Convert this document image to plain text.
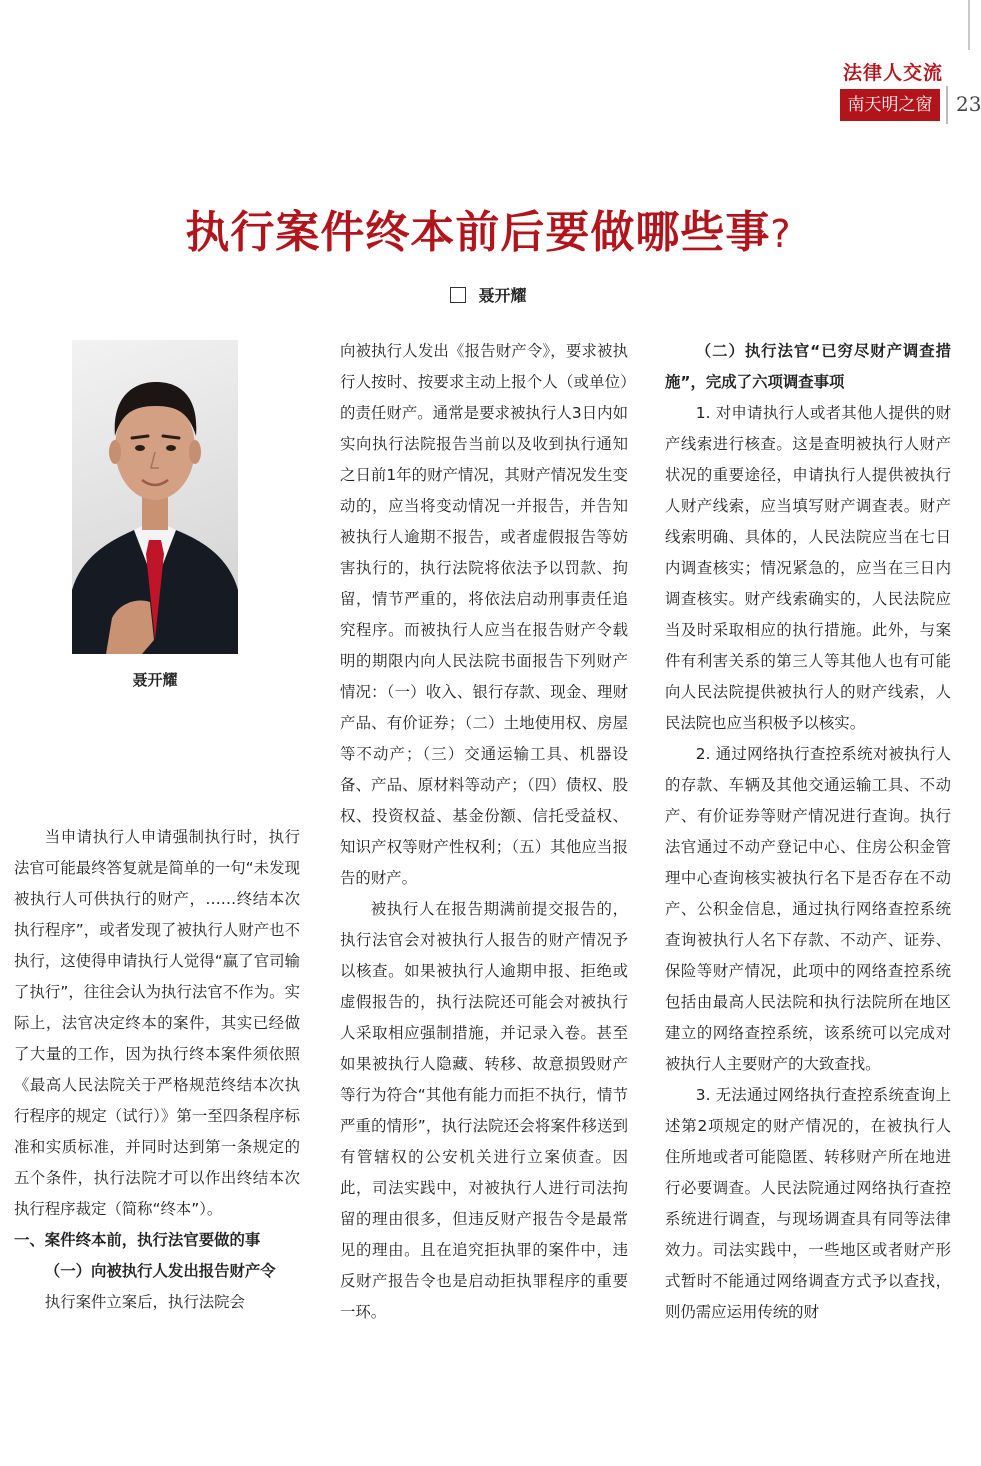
法律人交流
南天明之窗	23
执行案件终本前后要做哪些事?
聂开耀
聂开耀

当申请执行人申请强制执行时，执行法官可能最终答复就是简单的一句“未发现被执行人可供执行的财产，……终结本次执行程序”，或者发现了被执行人财产也不执行，这使得申请执行人觉得“赢了官司输了执行”，往往会认为执行法官不作为。实际上，法官决定终本的案件，其实已经做了大量的工作，因为执行终本案件须依照《最高人民法院关于严格规范终结本次执行程序的规定（试行）》第一至四条程序标准和实质标准，并同时达到第一条规定的五个条件，执行法院才可以作出终结本次执行程序裁定（简称“终本”）。

一、案件终本前，执行法官要做的事
（一）向被执行人发出报告财产令

执行案件立案后，执行法院会

向被执行人发出《报告财产令》，要求被执行人按时、按要求主动上报个人（或单位）的责任财产。通常是要求被执行人3日内如实向执行法院报告当前以及收到执行通知之日前1年的财产情况，其财产情况发生变动的，应当将变动情况一并报告，并告知被执行人逾期不报告，或者虚假报告等妨害执行的，执行法院将依法予以罚款、拘留，情节严重的，将依法启动刑事责任追究程序。而被执行人应当在报告财产令载明的期限内向人民法院书面报告下列财产情况：（一）收入、银行存款、现金、理财产品、有价证券；（二）土地使用权、房屋等不动产；（三）交通运输工具、机器设备、产品、原材料等动产；（四）债权、股权、投资权益、基金份额、信托受益权、知识产权等财产性权利；（五）其他应当报告的财产。

被执行人在报告期满前提交报告的，执行法官会对被执行人报告的财产情况予以核查。如果被执行人逾期申报、拒绝或虚假报告的，执行法院还可能会对被执行人采取相应强制措施，并记录入卷。甚至如果被执行人隐藏、转移、故意损毁财产等行为符合“其他有能力而拒不执行，情节严重的情形”，执行法院还会将案件移送到有管辖权的公安机关进行立案侦查。因此，司法实践中，对被执行人进行司法拘留的理由很多，但违反财产报告令是最常见的理由。且在追究拒执罪的案件中，违反财产报告令也是启动拒执罪程序的重要一环。

（二）执行法官“已穷尽财产调查措施”，完成了六项调查事项

1. 对申请执行人或者其他人提供的财产线索进行核查。这是查明被执行人财产状况的重要途径，申请执行人提供被执行人财产线索，应当填写财产调查表。财产线索明确、具体的，人民法院应当在七日内调查核实；情况紧急的，应当在三日内调查核实。财产线索确实的，人民法院应当及时采取相应的执行措施。此外，与案件有利害关系的第三人等其他人也有可能向人民法院提供被执行人的财产线索，人民法院也应当积极予以核实。

2. 通过网络执行查控系统对被执行人的存款、车辆及其他交通运输工具、不动产、有价证券等财产情况进行查询。执行法官通过不动产登记中心、住房公积金管理中心查询核实被执行名下是否存在不动产、公积金信息，通过执行网络查控系统查询被执行人名下存款、不动产、证券、保险等财产情况，此项中的网络查控系统包括由最高人民法院和执行法院所在地区建立的网络查控系统，该系统可以完成对被执行人主要财产的大致查找。

3. 无法通过网络执行查控系统查询上述第2项规定的财产情况的，在被执行人住所地或者可能隐匿、转移财产所在地进行必要调查。人民法院通过网络执行查控系统进行调查，与现场调查具有同等法律效力。司法实践中，一些地区或者财产形式暂时不能通过网络调查方式予以查找，则仍需应运用传统的财
